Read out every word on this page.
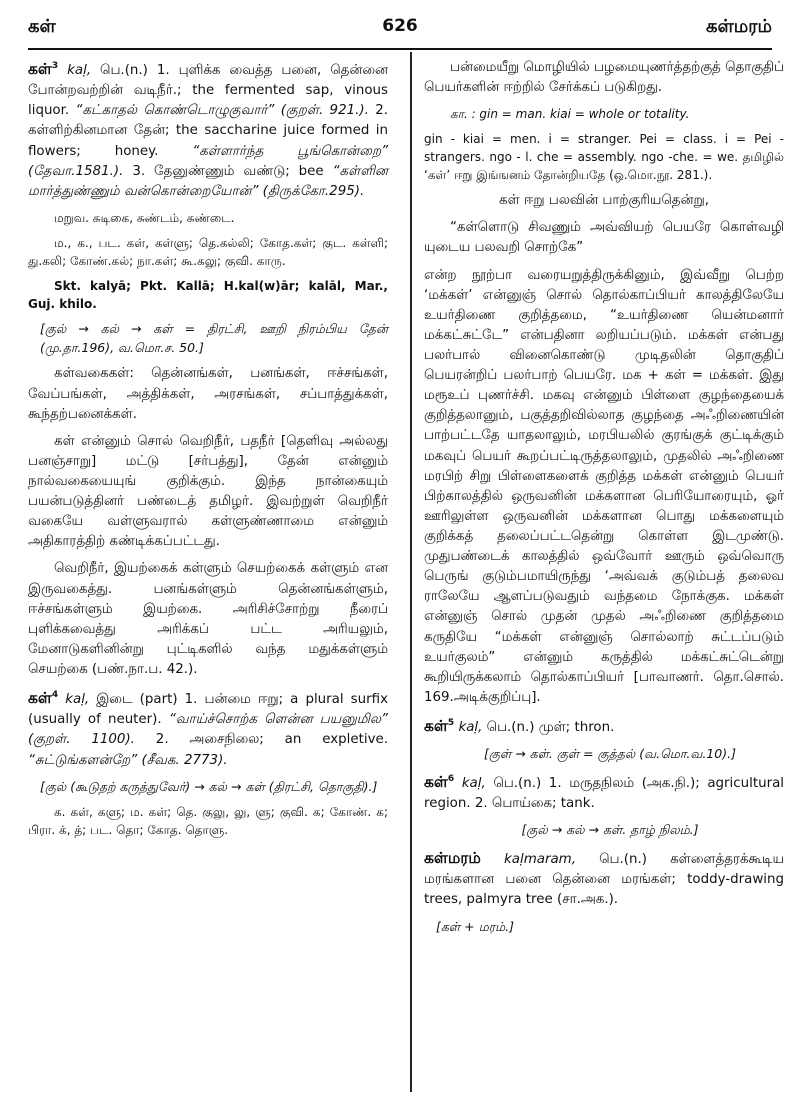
கள்	626	கள்மரம்

கள்$^3$ kaḷ, பெ.(n.) 1. புளிக்க வைத்த பனை, தென்னை போன்றவற்றின் வடிநீர்.; the fermented sap, vinous liquor. “கட்காதல் கொண்டொழுகுவார்” (குறள். 921.). 2. கள்ளிற்கினமான தேன்; the saccharine juice formed in flowers; honey.	“கள்ளார்ந்த பூங்கொன்றை” (தேவா.1581.). 3. தேனுண்ணும் வண்டு; bee “கள்ளின மார்த்துண்ணும் வன்கொன்றையோன்” (திருக்கோ.295).

மறுவ. சுடிகை, சுண்டம், சுண்டை.

ம., க., பட. கள், கள்ளு; தெ.கல்லி; கோத.கள்; குட. கள்ளி; து.கலி; கோண்.கல்; நா.கள்; கூ.கலு; குவி. காரு.

Skt. kalyā; Pkt. Kallā; H.kal(w)ār; kalāl, Mar., Guj. khilo.

[குல் → கல் → கள் = திரட்சி, ஊறி நிரம்பிய தேன் (மு.தா.196), வ.மொ.ச. 50.]

கள்வகைகள்: தென்னங்கள், பனங்கள், ஈச்சங்கள், வேப்பங்கள், அத்திக்கள், அரசங்கள், சப்பாத்துக்கள், கூந்தற்பனைக்கள்.

கள் என்னும் சொல் வெறிநீர், பதநீர் [தெளிவு அல்லது பனஞ்சாறு] மட்டு [சர்பத்து], தேன் என்னும் நால்வகையையுங் குறிக்கும். இந்த நான்கையும் பயன்படுத்தினர் பண்டைத் தமிழர். இவற்றுள் வெறிநீர் வகையே வள்ளுவரால் கள்ளுண்ணாமை என்னும் அதிகாரத்திற் கண்டிக்கப்பட்டது.

வெறிநீர், இயற்கைக் கள்ளும் செயற்கைக் கள்ளும் என இருவகைத்து. பனங்கள்ளும் தென்னங்கள்ளும், ஈச்சங்கள்ளும் இயற்கை. அரிசிச்சோற்று நீரைப் புளிக்கவைத்து அரிக்கப் பட்ட அரியலும், மேனாடுகளினின்று புட்டிகளில் வந்த மதுக்கள்ளும் செயற்கை (பண்.நா.ப. 42.).

கள்$^4$ kaḷ, இடை (part) 1. பன்மை ஈறு; a plural surfix (usually of neuter). “வாய்ச்சொற்க ளென்ன பயனுமில” (குறள். 1100). 2. அசைநிலை; an expletive. “சுட்டுங்களன்றே” (சீவக. 2773).

[குல் (கூடுதற் கருத்துவேர்) → கல் → கள் (திரட்சி, தொகுதி).]

க. கள், களு; ம. கள்; தெ. குலு, லு, ளு; குவி. க; கோண். க; பிரா. க், த்; பட. தொ; கோத. தொளு.

பன்மையீறு மொழியில் பழமையுணர்த்தற்குத் தொகுதிப் பெயர்களின் ஈற்றில் சேர்க்கப் படுகிறது.

கா. : gin = man. kiai = whole or totality.

gin - kiai = men. i = stranger. Pei = class. i = Pei - strangers. ngo - l. che = assembly. ngo -che. = we. தமிழில் ‘கள்’ ஈறு இங்ஙனம் தோன்றியதே (ஒ.மொ.நூ. 281.).

கள் ஈறு பலவின் பாற்குரியதென்று,

“கள்ளொடு சிவணும் அவ்வியற் பெயரே கொள்வழி யுடைய பலவறி சொற்கே”

என்ற நூற்பா வரையறுத்திருக்கினும், இவ்வீறு பெற்ற ‘மக்கள்’ என்னுஞ் சொல் தொல்காப்பியர் காலத்திலேயே உயர்திணை குறித்தமை, “உயர்திணை யென்மனார் மக்கட்சுட்டே” என்பதினா லறியப்படும். மக்கள் என்பது பலர்பால் வினைகொண்டு முடிதலின் தொகுதிப் பெயரன்றிப் பலர்பாற் பெயரே. மக + கள் = மக்கள். இது மரூஉப் புணர்ச்சி. மகவு என்னும் பிள்ளை குழந்தையைக் குறித்தலானும், பகுத்தறிவில்லாத குழந்தை அஃறிணையின் பாற்பட்டதே யாதலாலும், மரபியலில் குரங்குக் குட்டிக்கும் மகவுப் பெயர் கூறப்பட்டிருத்தலாலும், முதலில் அஃறிணை மரபிற் சிறு பிள்ளைகளைக் குறித்த மக்கள் என்னும் பெயர் பிற்காலத்தில் ஒருவனின் மக்களான பெரியோரையும், ஓர் ஊரிலுள்ள ஒருவனின் மக்களான பொது மக்களையும் குறிக்கத் தலைப்பட்டதென்று கொள்ள இடமுண்டு. முதுபண்டைக் காலத்தில் ஒவ்வோர் ஊரும் ஒவ்வொரு பெருங் குடும்பமாயிருந்து ‘அவ்வக் குடும்பத் தலைவ ராலேயே ஆளப்படுவதும் வந்தமை நோக்குக. மக்கள் என்னுஞ் சொல் முதன் முதல் அஃறிணை குறித்தமை கருதியே “மக்கள் என்னுஞ் சொல்லாற் சுட்டப்படும் உயர்குலம்” என்னும் கருத்தில் மக்கட்சுட்டென்று கூறியிருக்கலாம் தொல்காப்பியர் [பாவாணர். தொ.சொல். 169.அடிக்குறிப்பு].

கள்$^5$ kaḷ, பெ.(n.) முள்; thron.

[குள் → கள். குள் = குத்தல் (வ.மொ.வ.10).]

கள்$^6$ kaḷ, பெ.(n.) 1. மருதநிலம் (அக.நி.); agricultural region. 2. பொய்கை; tank.

[குல் → கல் → கள். தாழ் நிலம்.]

கள்மரம் kaḷmaram, பெ.(n.) கள்ளைத்தரக்கூடிய மரங்களான பனை தென்னை மரங்கள்; toddy-drawing trees, palmyra tree (சா.அக.).

[கள் + மரம்.]
